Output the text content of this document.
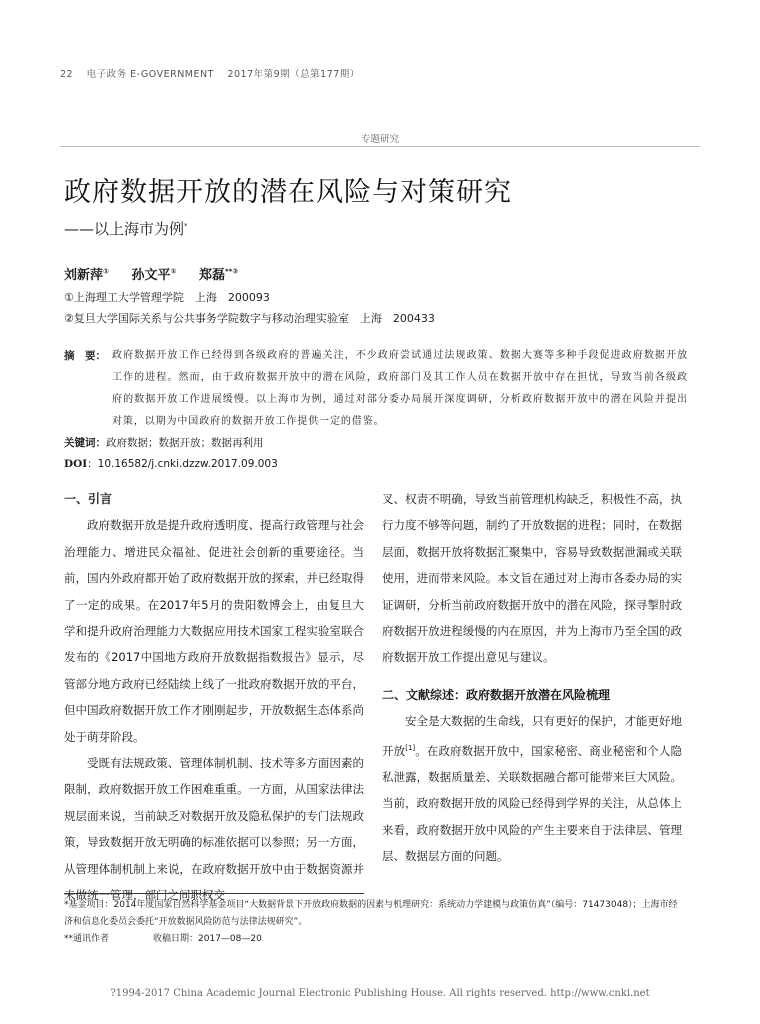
22 电子政务 E-GOVERNMENT 2017年第9期（总第177期）
专题研究
政府数据开放的潜在风险与对策研究
——以上海市为例*
刘新萍① 孙文平① 郑磊**②
①上海理工大学管理学院　上海　200093
②复旦大学国际关系与公共事务学院数字与移动治理实验室　上海　200433
摘　要： 政府数据开放工作已经得到各级政府的普遍关注，不少政府尝试通过法规政策、数据大赛等多种手段促进政府数据开放工作的进程。然而，由于政府数据开放中的潜在风险，政府部门及其工作人员在数据开放中存在担忧，导致当前各级政府的数据开放工作进展缓慢。以上海市为例，通过对部分委办局展开深度调研，分析政府数据开放中的潜在风险并提出对策，以期为中国政府的数据开放工作提供一定的借鉴。
关键词：政府数据；数据开放；数据再利用
DOI：10.16582/j.cnki.dzzw.2017.09.003
一、引言

政府数据开放是提升政府透明度、提高行政管理与社会治理能力、增进民众福祉、促进社会创新的重要途径。当前，国内外政府都开始了政府数据开放的探索，并已经取得了一定的成果。在2017年5月的贵阳数博会上，由复旦大学和提升政府治理能力大数据应用技术国家工程实验室联合发布的《2017中国地方政府开放数据指数报告》显示，尽管部分地方政府已经陆续上线了一批政府数据开放的平台，但中国政府数据开放工作才刚刚起步，开放数据生态体系尚处于萌芽阶段。

受既有法规政策、管理体制机制、技术等多方面因素的限制，政府数据开放工作困难重重。一方面，从国家法律法规层面来说，当前缺乏对数据开放及隐私保护的专门法规政策，导致数据开放无明确的标准依据可以参照；另一方面，从管理体制机制上来说，在政府数据开放中由于数据资源并未做统一管理，部门之间职权交

叉、权责不明确，导致当前管理机构缺乏，积极性不高，执行力度不够等问题，制约了开放数据的进程；同时，在数据层面，数据开放将数据汇聚集中，容易导致数据泄漏或关联使用，进而带来风险。本文旨在通过对上海市各委办局的实证调研，分析当前政府数据开放中的潜在风险，探寻掣肘政府数据开放进程缓慢的内在原因，并为上海市乃至全国的政府数据开放工作提出意见与建议。

二、文献综述：政府数据开放潜在风险梳理

安全是大数据的生命线，只有更好的保护，才能更好地开放[1]。在政府数据开放中，国家秘密、商业秘密和个人隐私泄露，数据质量差、关联数据融合都可能带来巨大风险。当前，政府数据开放的风险已经得到学界的关注，从总体上来看，政府数据开放中风险的产生主要来自于法律层、管理层、数据层方面的问题。

*基金项目：2014年度国家自然科学基金项目“大数据背景下开放政府数据的因素与机理研究：系统动力学建模与政策仿真”（编号：71473048）；上海市经济和信息化委员会委托“开放数据风险防范与法律法规研究”。
**通讯作者	收稿日期：2017—08—20
?1994-2017 China Academic Journal Electronic Publishing House. All rights reserved. http://www.cnki.net
